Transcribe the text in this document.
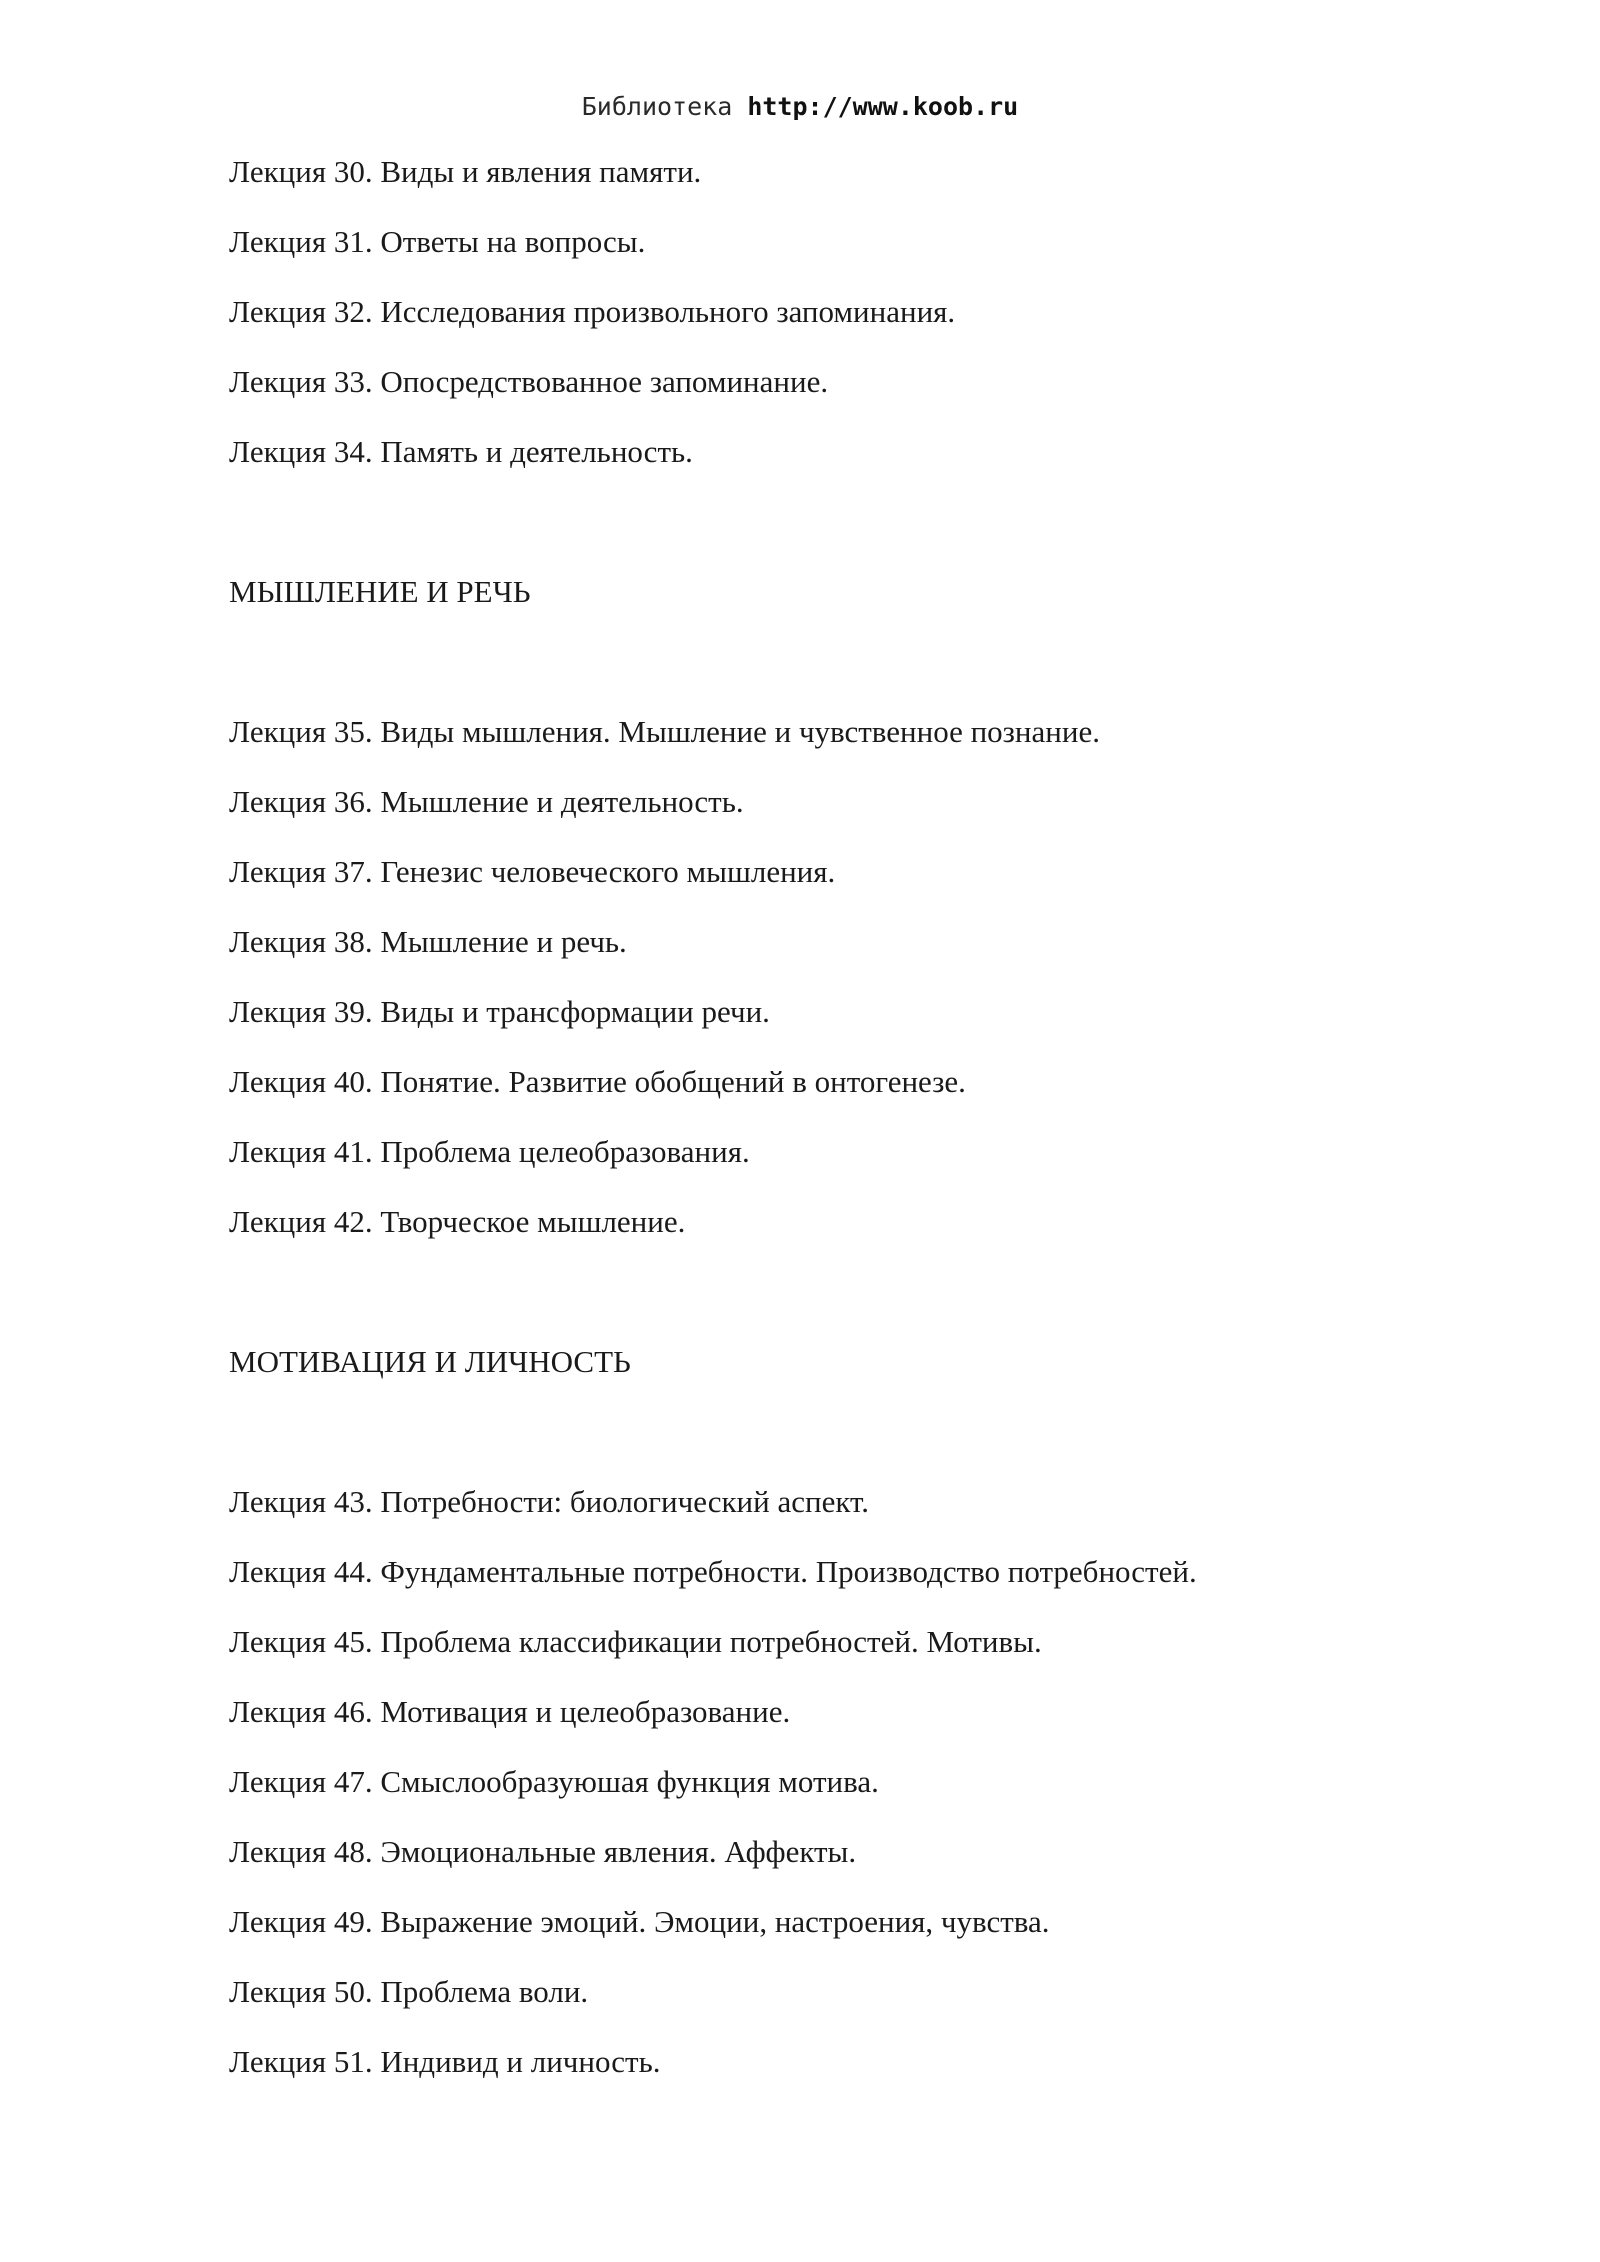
Библиотека http://www.koob.ru
Лекция 30. Виды и явления памяти.
Лекция 31. Ответы на вопросы.
Лекция 32. Исследования произвольного запоминания.
Лекция 33. Опосредствованное запоминание.
Лекция 34. Память и деятельность.
МЫШЛЕНИЕ И РЕЧЬ
Лекция 35. Виды мышления. Мышление и чувственное познание.
Лекция 36. Мышление и деятельность.
Лекция 37. Генезис человеческого мышления.
Лекция 38. Мышление и речь.
Лекция 39. Виды и трансформации речи.
Лекция 40. Понятие. Развитие обобщений в онтогенезе.
Лекция 41. Проблема целеобразования.
Лекция 42. Творческое мышление.
МОТИВАЦИЯ И ЛИЧНОСТЬ
Лекция 43. Потребности: биологический аспект.
Лекция 44. Фундаментальные потребности. Производство потребностей.
Лекция 45. Проблема классификации потребностей. Мотивы.
Лекция 46. Мотивация и целеобразование.
Лекция 47. Смыслообразуюшая функция мотива.
Лекция 48. Эмоциональные явления. Аффекты.
Лекция 49. Выражение эмоций. Эмоции, настроения, чувства.
Лекция 50. Проблема воли.
Лекция 51. Индивид и личность.
